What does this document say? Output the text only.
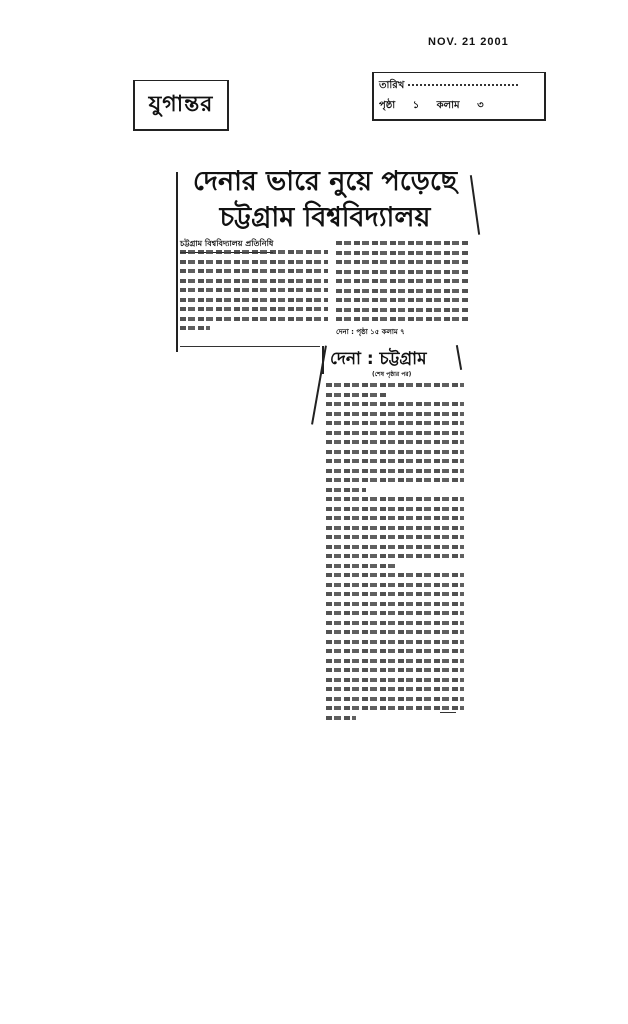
NOV. 21 2001
যুগান্তর
তারিখ
পৃষ্ঠা ১ কলাম ৩
দেনার ভারে নুয়ে পড়েছে
চট্টগ্রাম বিশ্ববিদ্যালয়
চট্টগ্রাম বিশ্ববিদ্যালয় প্রতিনিধি
দেনা : পৃষ্ঠা ১৫ কলাম ৭
দেনা : চট্টগ্রাম
(শেষ পৃষ্ঠার পর)
